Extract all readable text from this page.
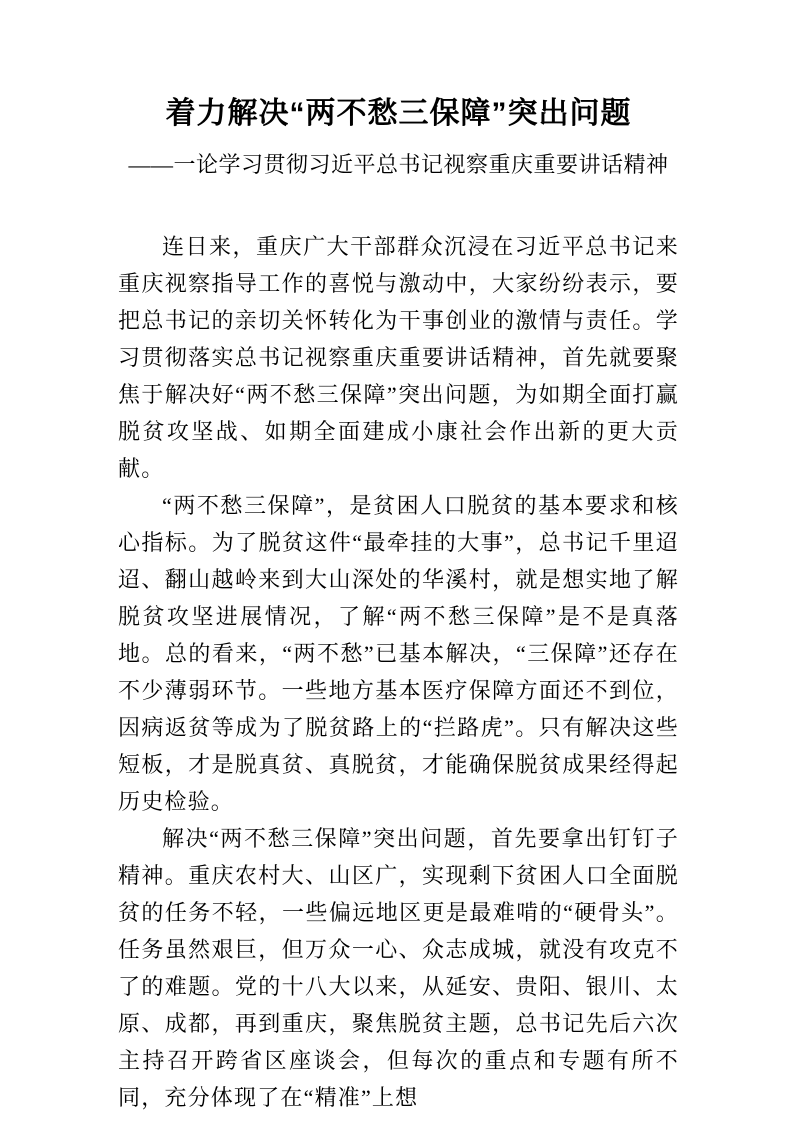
着力解决“两不愁三保障”突出问题
——一论学习贯彻习近平总书记视察重庆重要讲话精神

连日来，重庆广大干部群众沉浸在习近平总书记来重庆视察指导工作的喜悦与激动中，大家纷纷表示，要把总书记的亲切关怀转化为干事创业的激情与责任。学习贯彻落实总书记视察重庆重要讲话精神，首先就要聚焦于解决好“两不愁三保障”突出问题，为如期全面打赢脱贫攻坚战、如期全面建成小康社会作出新的更大贡献。

“两不愁三保障”，是贫困人口脱贫的基本要求和核心指标。为了脱贫这件“最牵挂的大事”，总书记千里迢迢、翻山越岭来到大山深处的华溪村，就是想实地了解脱贫攻坚进展情况，了解“两不愁三保障”是不是真落地。总的看来，“两不愁”已基本解决，“三保障”还存在不少薄弱环节。一些地方基本医疗保障方面还不到位，因病返贫等成为了脱贫路上的“拦路虎”。只有解决这些短板，才是脱真贫、真脱贫，才能确保脱贫成果经得起历史检验。

解决“两不愁三保障”突出问题，首先要拿出钉钉子精神。重庆农村大、山区广，实现剩下贫困人口全面脱贫的任务不轻，一些偏远地区更是最难啃的“硬骨头”。任务虽然艰巨，但万众一心、众志成城，就没有攻克不了的难题。党的十八大以来，从延安、贵阳、银川、太原、成都，再到重庆，聚焦脱贫主题，总书记先后六次主持召开跨省区座谈会，但每次的重点和专题有所不同，充分体现了在“精准”上想
